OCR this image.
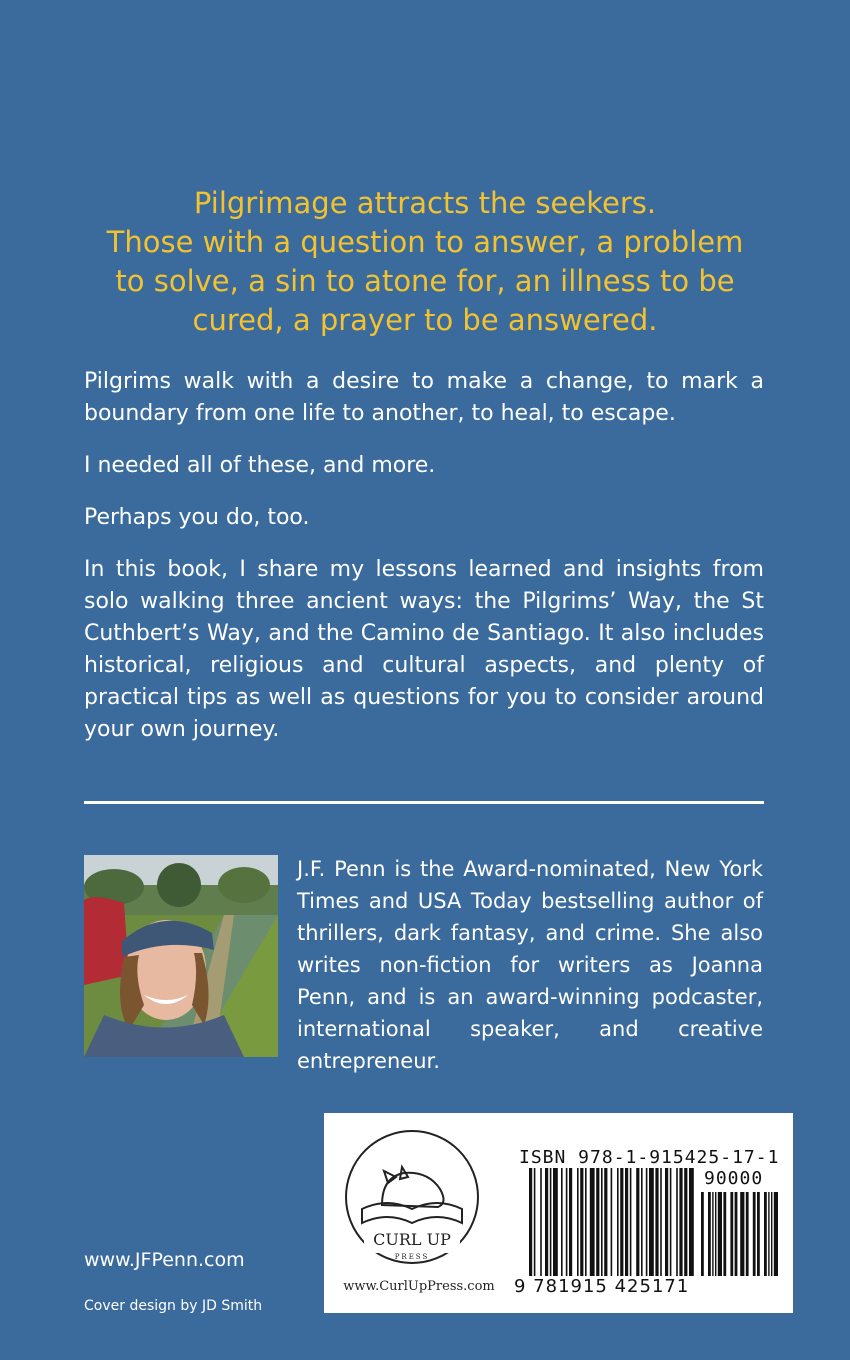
Pilgrimage attracts the seekers.
Those with a question to answer, a problem
to solve, a sin to atone for, an illness to be
cured, a prayer to be answered.

Pilgrims walk with a desire to make a change, to mark a boundary from one life to another, to heal, to escape.

I needed all of these, and more.

Perhaps you do, too.

In this book, I share my lessons learned and insights from solo walking three ancient ways: the Pilgrims’ Way, the St Cuthbert’s Way, and the Camino de Santiago. It also includes historical, religious and cultural aspects, and plenty of practical tips as well as questions for you to consider around your own journey.

J.F. Penn is the Award-nominated, New York Times and USA Today bestselling author of thrillers, dark fantasy, and crime. She also writes non-fiction for writers as Joanna Penn, and is an award-winning podcaster, international speaker, and creative entrepreneur.

www.JFPenn.com

Cover design by JD Smith

CURL UP
PRESS
www.CurlUpPress.com
ISBN 978-1-915425-17-1
90000
9 781915 425171
